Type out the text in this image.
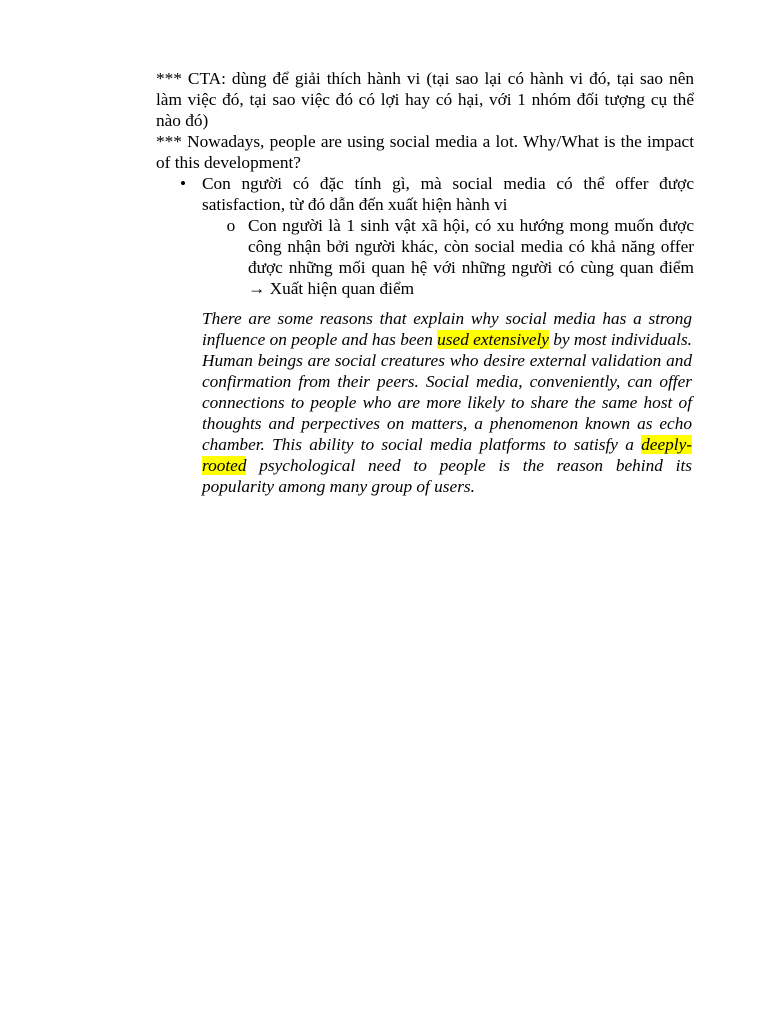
*** CTA: dùng để giải thích hành vi (tại sao lại có hành vi đó, tại sao nên làm việc đó, tại sao việc đó có lợi hay có hại, với 1 nhóm đối tượng cụ thể nào đó)

*** Nowadays, people are using social media a lot. Why/What is the impact of this development?

• Con người có đặc tính gì, mà social media có thể offer được satisfaction, từ đó dẫn đến xuất hiện hành vi
o Con người là 1 sinh vật xã hội, có xu hướng mong muốn được công nhận bởi người khác, còn social media có khả năng offer được những mối quan hệ với những người có cùng quan điểm → Xuất hiện quan điểm

There are some reasons that explain why social media has a strong influence on people and has been used extensively by most individuals. Human beings are social creatures who desire external validation and confirmation from their peers. Social media, conveniently, can offer connections to people who are more likely to share the same host of thoughts and perpectives on matters, a phenomenon known as echo chamber. This ability to social media platforms to satisfy a deeply-rooted psychological need to people is the reason behind its popularity among many group of users.
